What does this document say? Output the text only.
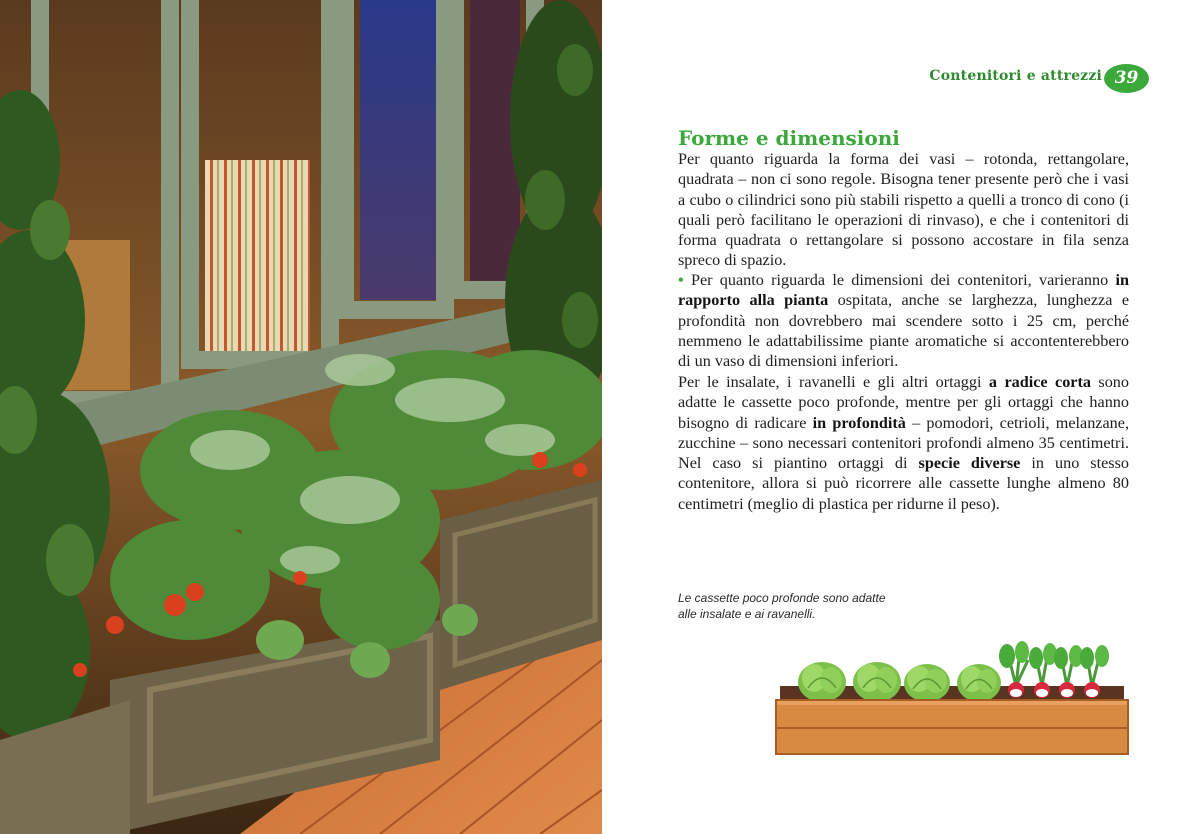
Contenitori e attrezzi 39
Forme e dimensioni

Per quanto riguarda la forma dei vasi – rotonda, rettangolare, quadrata – non ci sono regole. Bisogna tener presente però che i vasi a cubo o cilindrici sono più stabili rispetto a quelli a tronco di cono (i quali però facilitano le operazioni di rinvaso), e che i contenitori di forma quadrata o rettangolare si possono accostare in fila senza spreco di spazio.

• Per quanto riguarda le dimensioni dei contenitori, varieranno in rapporto alla pianta ospitata, anche se larghezza, lunghezza e profondità non dovrebbero mai scendere sotto i 25 cm, perché nemmeno le adattabilissime piante aromatiche si accontenterebbero di un vaso di dimensioni inferiori.

Per le insalate, i ravanelli e gli altri ortaggi a radice corta sono adatte le cassette poco profonde, mentre per gli ortaggi che hanno bisogno di radicare in profondità – pomodori, cetrioli, melanzane, zucchine – sono necessari contenitori profondi almeno 35 centimetri. Nel caso si piantino ortaggi di specie diverse in uno stesso contenitore, allora si può ricorrere alle cassette lunghe almeno 80 centimetri (meglio di plastica per ridurne il peso).

Le cassette poco profonde sono adatte
alle insalate e ai ravanelli.
